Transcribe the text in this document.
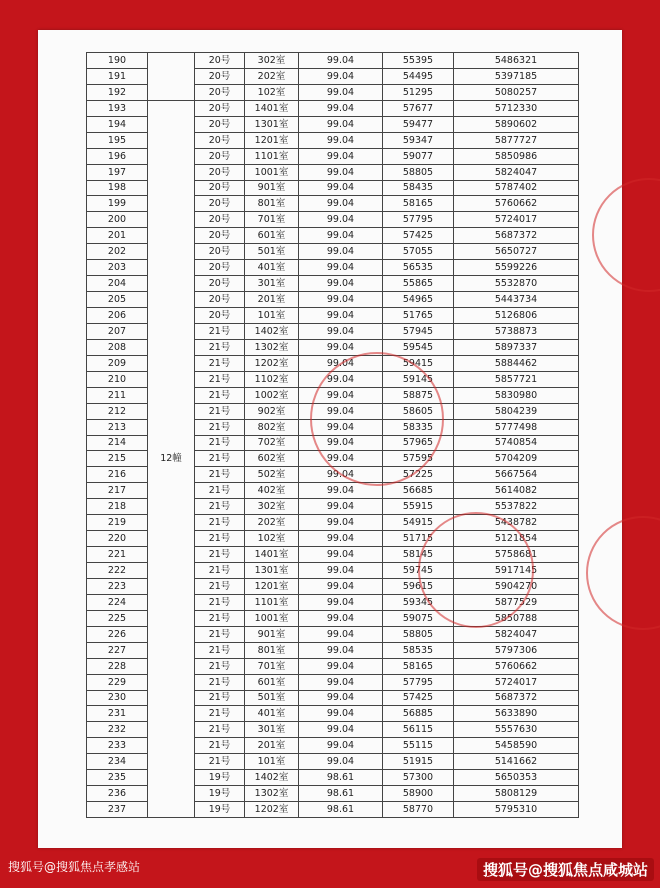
190		20号	302室	99.04	55395	5486321
191		20号	202室	99.04	54495	5397185
192		20号	102室	99.04	51295	5080257
193	12幢	20号	1401室	99.04	57677	5712330
194		20号	1301室	99.04	59477	5890602
195		20号	1201室	99.04	59347	5877727
196		20号	1101室	99.04	59077	5850986
197		20号	1001室	99.04	58805	5824047
198		20号	901室	99.04	58435	5787402
199		20号	801室	99.04	58165	5760662
200		20号	701室	99.04	57795	5724017
201		20号	601室	99.04	57425	5687372
202		20号	501室	99.04	57055	5650727
203		20号	401室	99.04	56535	5599226
204		20号	301室	99.04	55865	5532870
205		20号	201室	99.04	54965	5443734
206		20号	101室	99.04	51765	5126806
207		21号	1402室	99.04	57945	5738873
208		21号	1302室	99.04	59545	5897337
209		21号	1202室	99.04	59415	5884462
210		21号	1102室	99.04	59145	5857721
211		21号	1002室	99.04	58875	5830980
212		21号	902室	99.04	58605	5804239
213		21号	802室	99.04	58335	5777498
214		21号	702室	99.04	57965	5740854
215		21号	602室	99.04	57595	5704209
216		21号	502室	99.04	57225	5667564
217		21号	402室	99.04	56685	5614082
218		21号	302室	99.04	55915	5537822
219		21号	202室	99.04	54915	5438782
220		21号	102室	99.04	51715	5121854
221		21号	1401室	99.04	58145	5758681
222		21号	1301室	99.04	59745	5917145
223		21号	1201室	99.04	59615	5904270
224		21号	1101室	99.04	59345	5877529
225		21号	1001室	99.04	59075	5850788
226		21号	901室	99.04	58805	5824047
227		21号	801室	99.04	58535	5797306
228		21号	701室	99.04	58165	5760662
229		21号	601室	99.04	57795	5724017
230		21号	501室	99.04	57425	5687372
231		21号	401室	99.04	56885	5633890
232		21号	301室	99.04	56115	5557630
233		21号	201室	99.04	55115	5458590
234		21号	101室	99.04	51915	5141662
235		19号	1402室	98.61	57300	5650353
236		19号	1302室	98.61	58900	5808129
237		19号	1202室	98.61	58770	5795310
搜狐号@搜狐焦点孝感站	搜狐号@搜狐焦点咸城站
